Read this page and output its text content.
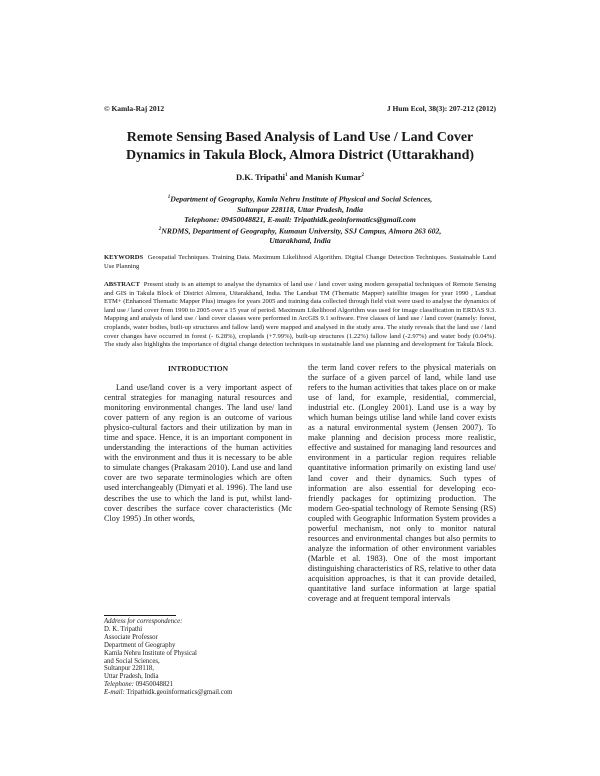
© Kamla-Raj 2012	J Hum Ecol, 38(3): 207-212 (2012)
Remote Sensing Based Analysis of Land Use / Land Cover
Dynamics in Takula Block, Almora District (Uttarakhand)
D.K. Tripathi$^1$ and Manish Kumar$^2$
$^1$Department of Geography, Kamla Nehru Institute of Physical and Social Sciences,
Sultanpur 228118, Uttar Pradesh, India
Telephone: 09450048821, E-mail: Tripathidk.geoinformatics@gmail.com
$^2$NRDMS, Department of Geography, Kumaun University, SSJ Campus, Almora 263 602,
Uttarakhand, India
KEYWORDS Geospatial Techniques. Training Data. Maximum Likelihood Algorithm. Digital Change Detection Techniques. Sustainable Land Use Planning
ABSTRACT Present study is an attempt to analyse the dynamics of land use / land cover using modern geospatial techniques of Remote Sensing and GIS in Takula Block of District Almora, Uttarakhand, India. The Landsat TM (Thematic Mapper) satellite images for year 1990 , Landsat ETM+ (Enhanced Thematic Mapper Plus) images for years 2005 and training data collected through field visit were used to analyse the dynamics of land use / land cover from 1990 to 2005 over a 15 year of period. Maximum Likelihood Algorithm was used for image classification in ERDAS 9.3. Mapping and analysis of land use / land cover classes were performed in ArcGIS 9.1 software. Five classes of land use / land cover (namely: forest, croplands, water bodies, built-up structures and fallow land) were mapped and analysed in the study area. The study reveals that the land use / land cover changes have occurred in forest (- 6.28%), croplands (+7.99%), built-up structures (1.22%) fallow land (-2.97%) and water body (0.04%). The study also highlights the importance of digital change detection techniques in sustainable land use planning and development for Takula Block.
INTRODUCTION
Land use/land cover is a very important aspect of central strategies for managing natural resources and monitoring environmental changes. The land use/ land cover pattern of any region is an outcome of various physico-cultural factors and their utilization by man in time and space. Hence, it is an important component in understanding the interactions of the human activities with the environment and thus it is necessary to be able to simulate changes (Prakasam 2010). Land use and land cover are two separate terminologies which are often used interchangeably (Dimyati et al. 1996). The land use describes the use to which the land is put, whilst land-cover describes the surface cover characteristics (Mc Cloy 1995) .In other words,
the term land cover refers to the physical materials on the surface of a given parcel of land, while land use refers to the human activities that takes place on or make use of land, for example, residential, commercial, industrial etc. (Longley 2001). Land use is a way by which human beings utilise land while land cover exists as a natural environmental system (Jensen 2007). To make planning and decision process more realistic, effective and sustained for managing land resources and environment in a particular region requires reliable quantitative information primarily on existing land use/ land cover and their dynamics. Such types of information are also essential for developing eco-friendly packages for optimizing production. The modern Geo-spatial technology of Remote Sensing (RS) coupled with Geographic Information System provides a powerful mechanism, not only to monitor natural resources and environmental changes but also permits to analyze the information of other environment variables (Marble et al. 1983). One of the most important distinguishing characteristics of RS, relative to other data acquisition approaches, is that it can provide detailed, quantitative land surface information at large spatial coverage and at frequent temporal intervals
Address for correspondence:
D. K. Tripathi
Associate Professor
Department of Geography
Kamla Nehru Institute of Physical
and Social Sciences,
Sultanpur 228118,
Uttar Pradesh, India
Telephone: 09450048821
E-mail: Tripathidk.geoinformatics@gmail.com
